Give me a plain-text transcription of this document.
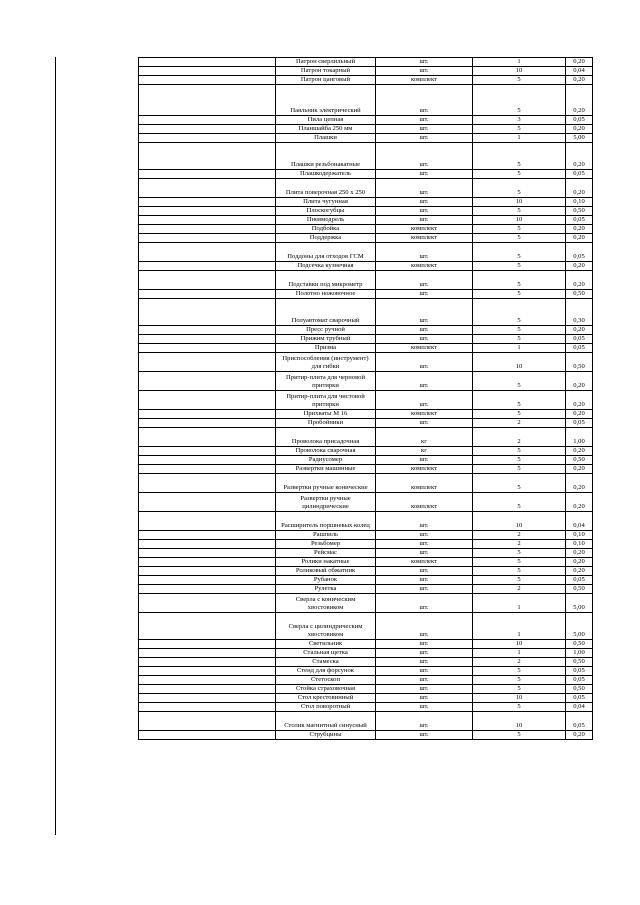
	Патрон сверлильный	шт.	1	0,20
	Патрон токарный	шт.	10	0,04
	Патрон цанговый	комплект	5	0,20
	Паяльник электрический	шт.	5	0,20
	Пила цепная	шт.	3	0,05
	Планшайба 250 мм	шт.	5	0,20
	Плашки	шт.	1	5,00
	Плашки резьбонакатные	шт.	5	0,20
	Плашкодержатель	шт.	5	0,05
	Плита поверочная 250 х 250	шт.	5	0,20
	Плита чугунная	шт.	10	0,10
	Плоскогубцы	шт.	5	0,50
	Пневмодрель	шт.	10	0,05
	Подбойка	комплект	5	0,20
	Поддержка	комплект	5	0,20
	Поддоны для отходов ГСМ	шт.	5	0,05
	Подсечка кузнечная	комплект	5	0,20
	Подставки под микрометр	шт.	5	0,20
	Полотно ножовочное	шт.	5	0,50
	Полуавтомат сварочный	шт.	5	0,30
	Пресс ручной	шт.	5	0,20
	Прижим трубный	шт.	5	0,05
	Призма	комплект	1	0,05
	Приспособления (инструмент) для гибки	шт.	10	0,50
	Притир-плита для черновой притирки	шт.	5	0,20
	Притир-плита для чистовой притирки	шт.	5	0,20
	Прихваты М 16	комплект	5	0,20
	Пробойники	шт.	2	0,05
	Проволока присадочная	кг	2	1,00
	Проволока сварочная	кг	5	0,20
	Радиусомер	шт.	5	0,50
	Развертки машинные	комплект	5	0,20
	Развертки ручные конические	комплект	5	0,20
	Развертки ручные цилиндрические	комплект	5	0,20
	Расширитель поршневых колец	шт.	10	0,04
	Рашпиль	шт.	2	0,10
	Резьбомер	шт.	2	0,10
	Рейсмас	шт.	5	0,20
	Ролики накатные	комплект	5	0,20
	Роликовый обжатник	шт.	5	0,20
	Рубанок	шт.	5	0,05
	Рулетка	шт.	2	0,50
	Сверла с коническим хвостовиком	шт.	1	5,00
	Сверла с цилиндрическим хвостовиком	шт.	1	5,00
	Светильник	шт.	10	0,50
	Стальная щетка	шт.	1	1,00
	Стамеска	шт.	2	0,50
	Стенд для форсунок	шт.	5	0,05
	Стетоскоп	шт.	5	0,05
	Стойка страховочная	шт.	5	0,50
	Стол крестовинный	шт.	10	0,05
	Стол поворотный	шт.	5	0,04
	Столик магнитный синусный	шт.	10	0,05
	Струбцины	шт.	5	0,20
